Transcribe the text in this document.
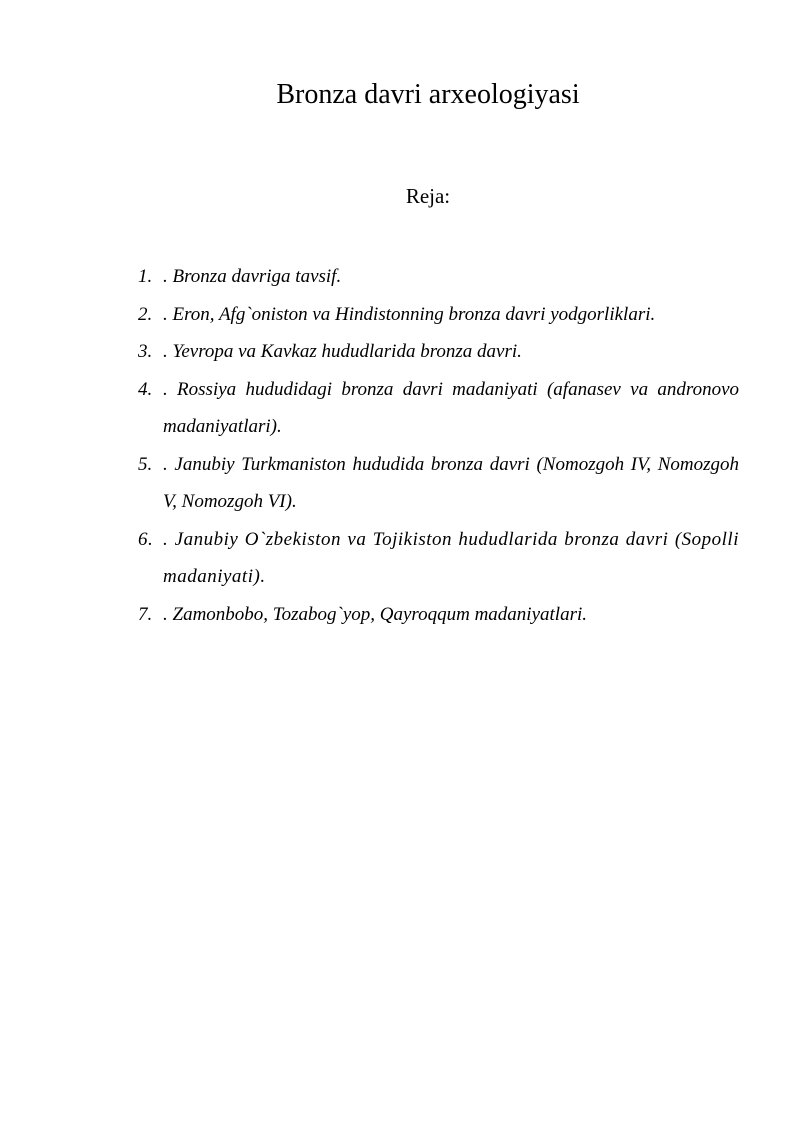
Bronza davri arxeologiyasi
Reja:
1. . Bronza davriga tavsif.
2. . Eron, Afg`oniston va Hindistonning bronza davri yodgorliklari.
3. . Yevropa va Kavkaz hududlarida bronza davri.
4. . Rossiya hududidagi bronza davri madaniyati (afanasev va andronovo madaniyatlari).
5. . Janubiy Turkmaniston hududida bronza davri (Nomozgoh IV, Nomozgoh V, Nomozgoh VI).
6. . Janubiy O`zbekiston va Tojikiston hududlarida bronza davri (Sopolli madaniyati).
7. . Zamonbobo, Tozabog`yop, Qayroqqum madaniyatlari.
